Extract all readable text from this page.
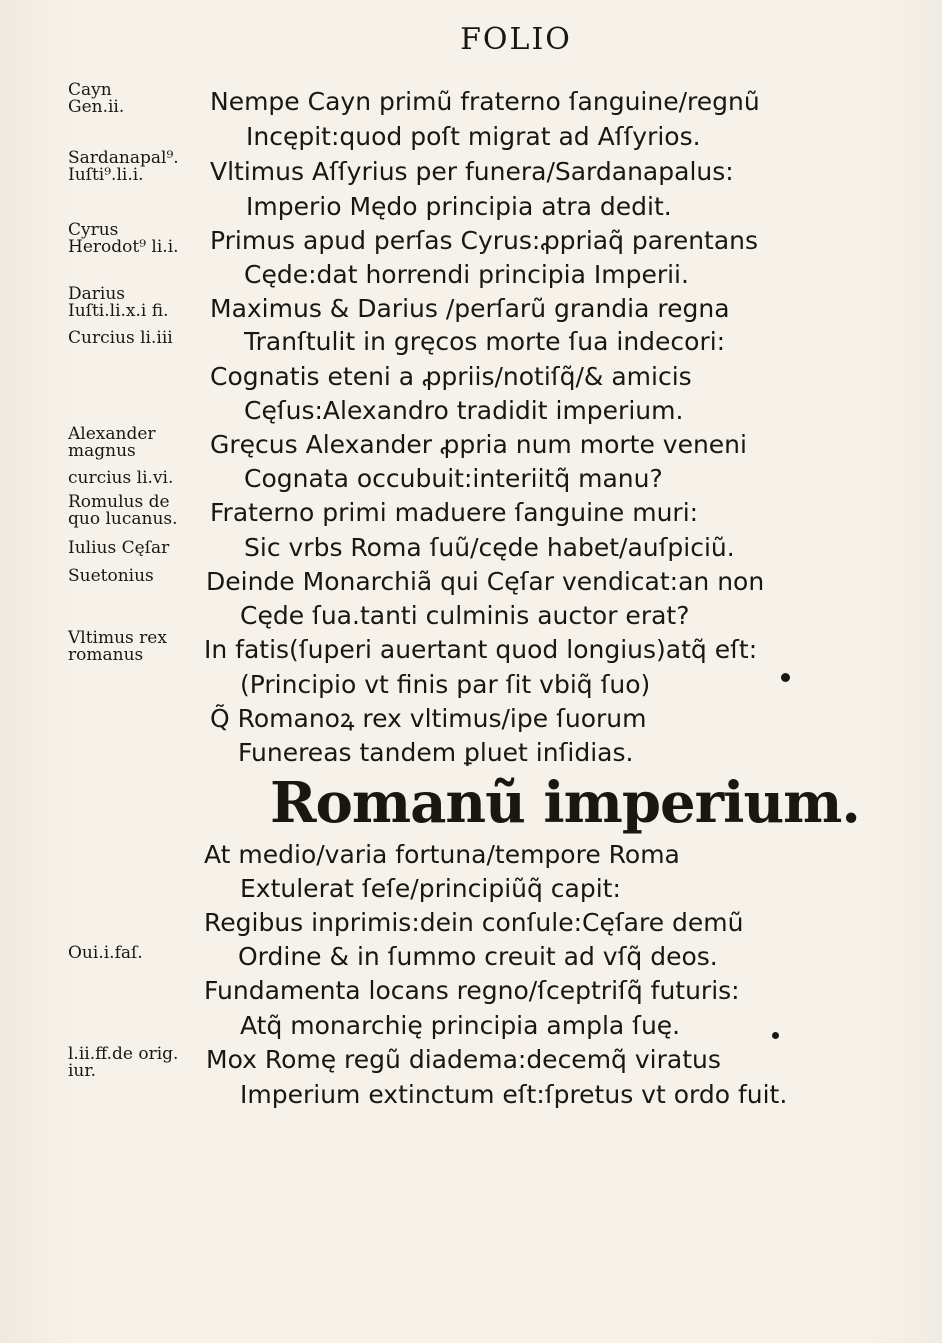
FOLIO
Nempe Cayn primũ fraterno ſanguine/regnũ
Incępit:quod poſt migrat ad Aſſyrios.
Vltimus Aſſyrius per funera/Sardanapalus:
Imperio Mędo principia atra dedit.
Primus apud perſas Cyrus:ꝓpriaq̃ parentans
Cęde:dat horrendi principia Imperii.
Maximus & Darius /perſarũ grandia regna
Tranſtulit in gręcos morte ſua indecori:
Cognatis eteni a ꝓpriis/notiſq̃/& amicis
Cęſus:Alexandro tradidit imperium.
Gręcus Alexander ꝓpria num morte veneni
Cognata occubuit:interiitq̃ manu?
Fraterno primi maduere ſanguine muri:
Sic vrbs Roma ſuũ/cęde habet/auſpiciũ.
Deinde Monarchiã qui Cęſar vendicat:an non
Cęde ſua.tanti culminis auctor erat?
In fatis(ſuperi auertant quod longius)atq̃ eſt:
(Principio vt finis par ſit vbiq̃ ſuo)
Q̃ Romanoꝝ rex vltimus/ipe ſuorum
Funereas tandem ꝑluet inſidias.
Romanũ imperium.
At medio/varia fortuna/tempore Roma
Extulerat ſeſe/principiũq̃ capit:
Regibus inprimis:dein conſule:Cęſare demũ
Ordine & in ſummo creuit ad vſq̃ deos.
Fundamenta locans regno/ſceptriſq̃ futuris:
Atq̃ monarchię principia ampla ſuę.
Mox Romę regũ diadema:decemq̃ viratus
Imperium extinctum eſt:ſpretus vt ordo fuit.
Cayn
Gen.ii.
Sardanapal⁹.
Iuſti⁹.li.i.
Cyrus
Herodot⁹ li.i.
Darius
Iuſti.li.x.i fi.
Curcius li.iii
Alexander
magnus
curcius li.vi.
Romulus de
quo lucanus.
Iulius Cęſar
Suetonius
Vltimus rex
romanus
Oui.i.faſ.
l.ii.ff.de orig.
iur.
